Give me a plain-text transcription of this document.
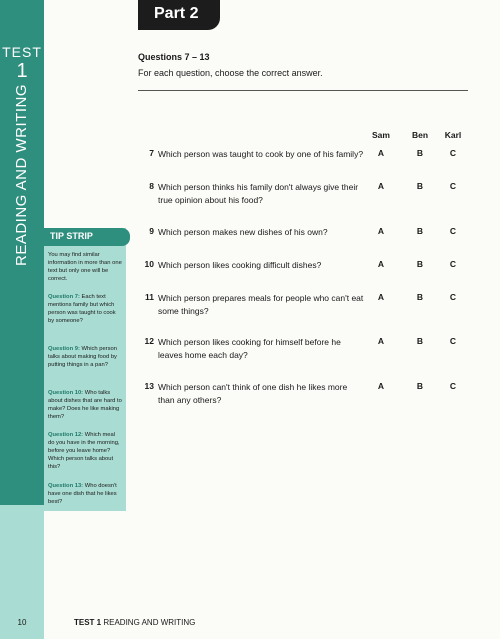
TEST
1
READING AND WRITING
Part 2
Questions 7 – 13
For each question, choose the correct answer.
Sam	Ben	Karl
7 Which person was taught to cook by one of his family?	A	B	C
8 Which person thinks his family don't always give their true opinion about his food?
A	B	C
9 Which person makes new dishes of his own?	A	B	C
10 Which person likes cooking difficult dishes?	A	B	C
11 Which person prepares meals for people who can't eat some things?
A	B	C
12 Which person likes cooking for himself before he leaves home each day?
A	B	C
13 Which person can't think of one dish he likes more than any others?
A	B	C
TIP STRIP
You may find similar information in more than one text but only one will be correct.
Question 7: Each text mentions family but which person was taught to cook by someone?
Question 9: Which person talks about making food by putting things in a pan?
Question 10: Who talks about dishes that are hard to make? Does he like making them?
Question 12: Which meal do you have in the morning, before you leave home? Which person talks about this?
Question 13: Who doesn't have one dish that he likes best?
10	TEST 1 READING AND WRITING
